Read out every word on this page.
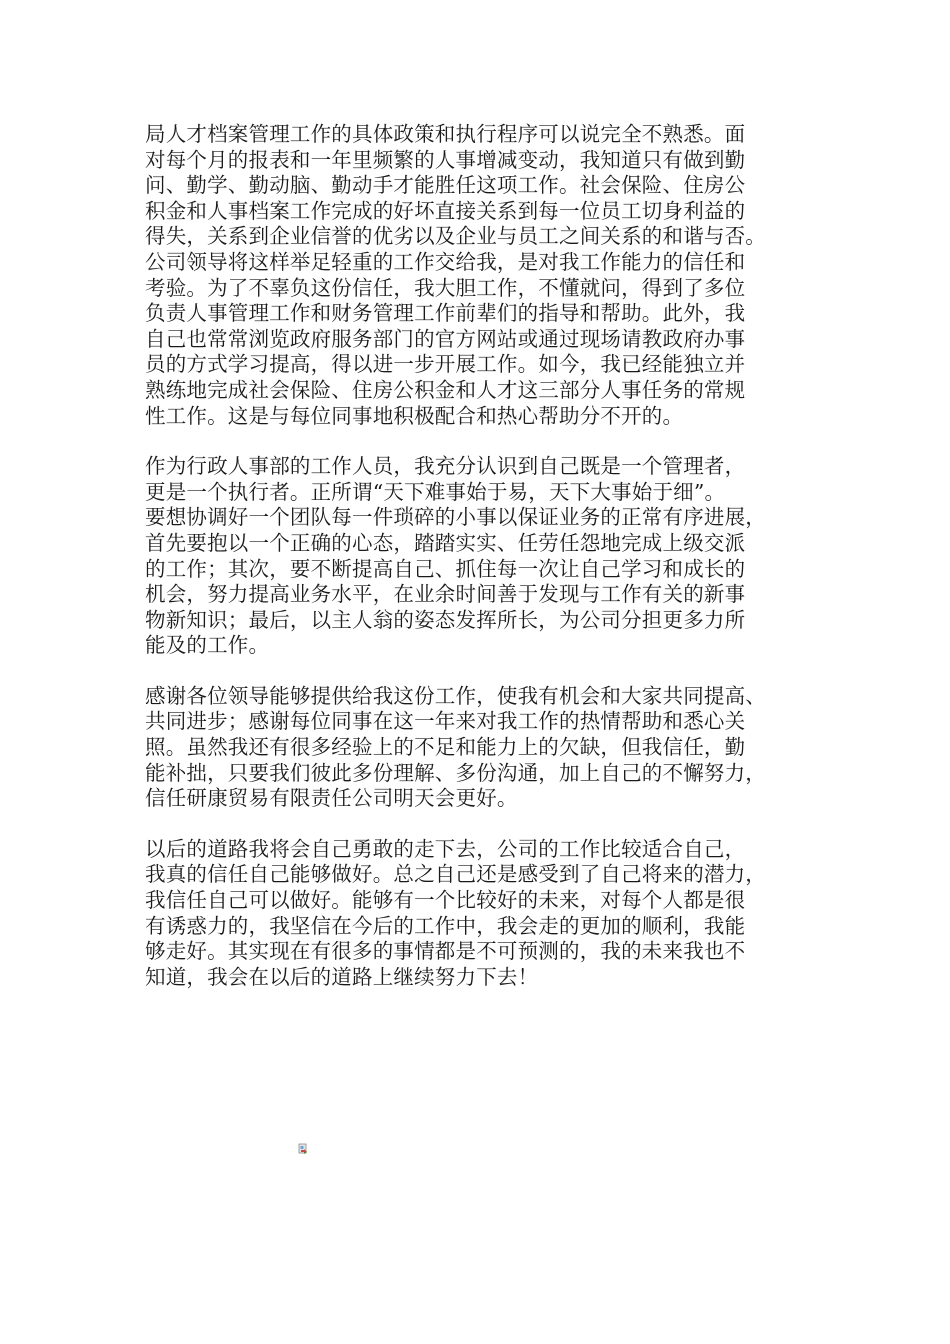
局人才档案管理工作的具体政策和执行程序可以说完全不熟悉。面
对每个月的报表和一年里频繁的人事增减变动，我知道只有做到勤
问、勤学、勤动脑、勤动手才能胜任这项工作。社会保险、住房公
积金和人事档案工作完成的好坏直接关系到每一位员工切身利益的
得失，关系到企业信誉的优劣以及企业与员工之间关系的和谐与否。
公司领导将这样举足轻重的工作交给我，是对我工作能力的信任和
考验。为了不辜负这份信任，我大胆工作，不懂就问，得到了多位
负责人事管理工作和财务管理工作前辈们的指导和帮助。此外，我
自己也常常浏览政府服务部门的官方网站或通过现场请教政府办事
员的方式学习提高，得以进一步开展工作。如今，我已经能独立并
熟练地完成社会保险、住房公积金和人才这三部分人事任务的常规
性工作。这是与每位同事地积极配合和热心帮助分不开的。

作为行政人事部的工作人员，我充分认识到自己既是一个管理者，
更是一个执行者。正所谓“天下难事始于易，天下大事始于细”。
要想协调好一个团队每一件琐碎的小事以保证业务的正常有序进展，
首先要抱以一个正确的心态，踏踏实实、任劳任怨地完成上级交派
的工作；其次，要不断提高自己、抓住每一次让自己学习和成长的
机会，努力提高业务水平，在业余时间善于发现与工作有关的新事
物新知识；最后，以主人翁的姿态发挥所长，为公司分担更多力所
能及的工作。

感谢各位领导能够提供给我这份工作，使我有机会和大家共同提高、
共同进步；感谢每位同事在这一年来对我工作的热情帮助和悉心关
照。虽然我还有很多经验上的不足和能力上的欠缺，但我信任，勤
能补拙，只要我们彼此多份理解、多份沟通，加上自己的不懈努力，
信任研康贸易有限责任公司明天会更好。

以后的道路我将会自己勇敢的走下去，公司的工作比较适合自己，
我真的信任自己能够做好。总之自己还是感受到了自己将来的潜力，
我信任自己可以做好。能够有一个比较好的未来，对每个人都是很
有诱惑力的，我坚信在今后的工作中，我会走的更加的顺利，我能
够走好。其实现在有很多的事情都是不可预测的，我的未来我也不
知道，我会在以后的道路上继续努力下去！
